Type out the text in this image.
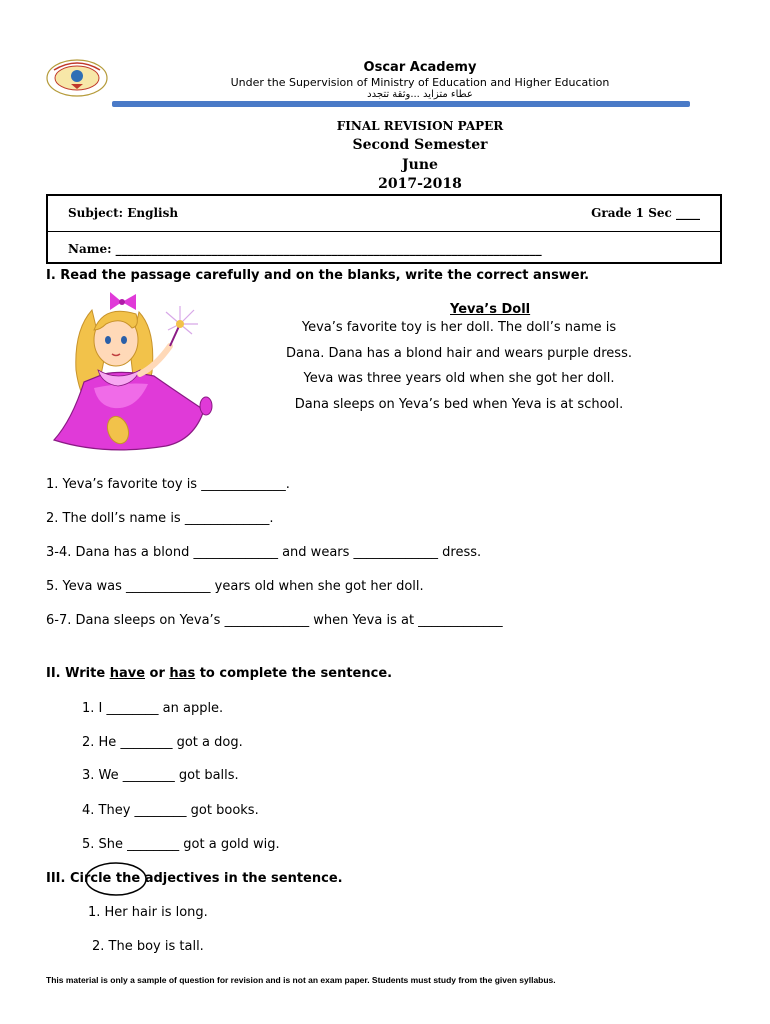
Oscar Academy
Under the Supervision of Ministry of Education and Higher Education
عطاء متزايد ...وثقة تتجدد
FINAL REVISION PAPER
Second Semester
June
2017-2018
Subject: English	Grade 1 Sec ____
Name: _______________________________________________________________________
I. Read the passage carefully and on the blanks, write the correct answer.
Yeva’s Doll
Yeva’s favorite toy is her doll. The doll’s name is
Dana. Dana has a blond hair and wears purple dress.
Yeva was three years old when she got her doll.
Dana sleeps on Yeva’s bed when Yeva is at school.
1. Yeva’s favorite toy is _____________.
2. The doll’s name is _____________.
3-4. Dana has a blond _____________ and wears _____________ dress.
5. Yeva was _____________ years old when she got her doll.
6-7. Dana sleeps on Yeva’s _____________ when Yeva is at _____________
II. Write have or has to complete the sentence.
1. I ________ an apple.
2. He ________ got a dog.
3. We ________ got balls.
4. They ________ got books.
5. She ________ got a gold wig.
III. Circle the adjectives in the sentence.
1. Her hair is long.
2. The boy is tall.
This material is only a sample of question for revision and is not an exam paper. Students must study from the given syllabus.
